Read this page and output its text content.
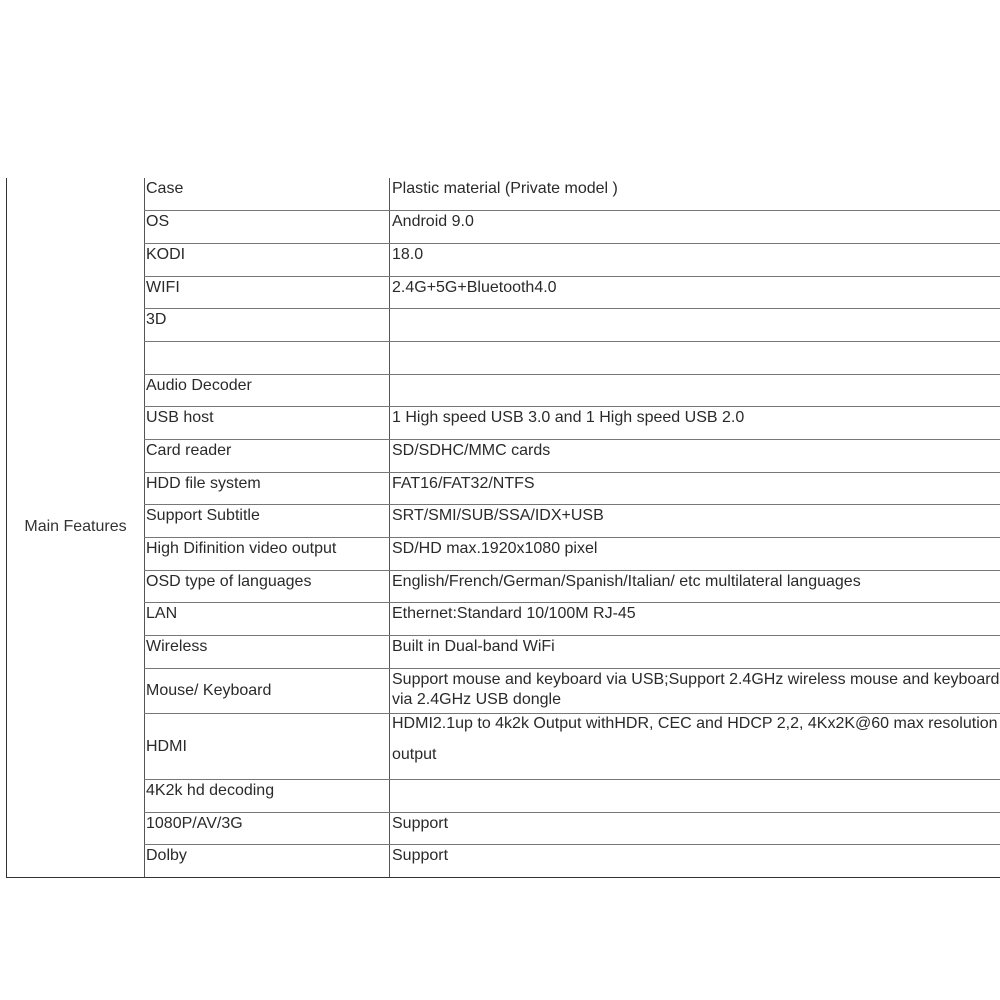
Main Features	Case	Plastic material (Private model )

	OS	Android 9.0

	KODI	18.0

	WIFI	2.4G+5G+Bluetooth4.0

	3D	

	Audio Decoder	

	USB host	1 High speed USB 3.0 and 1 High speed USB 2.0

	Card reader	SD/SDHC/MMC cards

	HDD file system	FAT16/FAT32/NTFS

	Support Subtitle	SRT/SMI/SUB/SSA/IDX+USB

	High Difinition video output	SD/HD max.1920x1080 pixel

	OSD type of languages	English/French/German/Spanish/Italian/ etc multilateral languages

	LAN	Ethernet:Standard 10/100M RJ-45

	Wireless	Built in Dual-band WiFi

	Mouse/ Keyboard	Support mouse and keyboard via USB;Support 2.4GHz wireless mouse and keyboard via 2.4GHz USB dongle

	HDMI	HDMI2.1up to 4k2k Output withHDR, CEC and HDCP 2,2, 4Kx2K@60 max resolution output

	4K2k hd decoding	

	1080P/AV/3G	Support

	Dolby	Support
